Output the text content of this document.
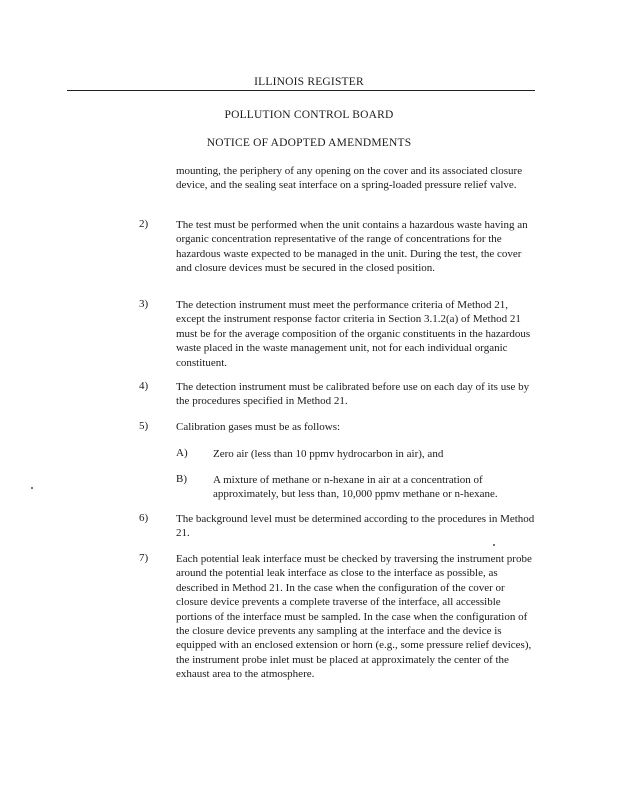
ILLINOIS REGISTER
POLLUTION CONTROL BOARD
NOTICE OF ADOPTED AMENDMENTS
mounting, the periphery of any opening on the cover and its associated closure device, and the sealing seat interface on a spring-loaded pressure relief valve.
2)	The test must be performed when the unit contains a hazardous waste having an organic concentration representative of the range of concentrations for the hazardous waste expected to be managed in the unit. During the test, the cover and closure devices must be secured in the closed position.
3)	The detection instrument must meet the performance criteria of Method 21, except the instrument response factor criteria in Section 3.1.2(a) of Method 21 must be for the average composition of the organic constituents in the hazardous waste placed in the waste management unit, not for each individual organic constituent.
4)	The detection instrument must be calibrated before use on each day of its use by the procedures specified in Method 21.
5)	Calibration gases must be as follows:
A) Zero air (less than 10 ppmv hydrocarbon in air), and
B) A mixture of methane or n-hexane in air at a concentration of approximately, but less than, 10,000 ppmv methane or n-hexane.
6)	The background level must be determined according to the procedures in Method 21.
7)	Each potential leak interface must be checked by traversing the instrument probe around the potential leak interface as close to the interface as possible, as described in Method 21. In the case when the configuration of the cover or closure device prevents a complete traverse of the interface, all accessible portions of the interface must be sampled. In the case when the configuration of the closure device prevents any sampling at the interface and the device is equipped with an enclosed extension or horn (e.g., some pressure relief devices), the instrument probe inlet must be placed at approximately the center of the exhaust area to the atmosphere.
